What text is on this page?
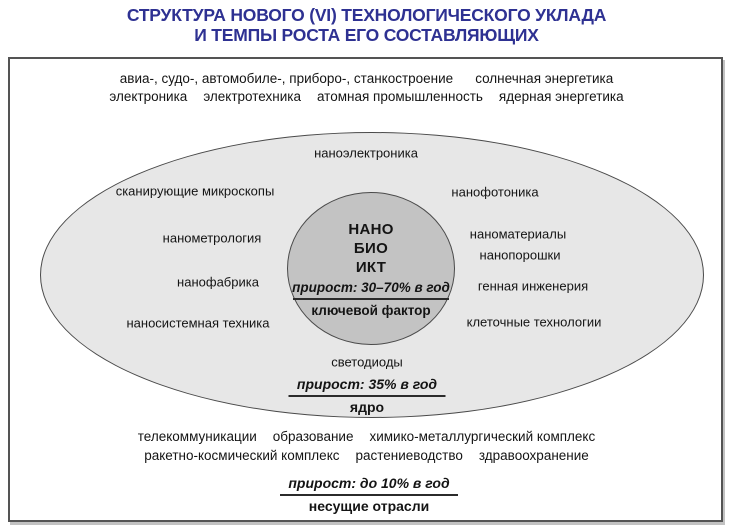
СТРУКТУРА НОВОГО (VI) ТЕХНОЛОГИЧЕСКОГО УКЛАДА
И ТЕМПЫ РОСТА ЕГО СОСТАВЛЯЮЩИХ
авиа-, судо-, автомобиле-, приборо-, станкостроение солнечная энергетика
электроника электротехника атомная промышленность ядерная энергетика
наноэлектроника
сканирующие микроскопы	нанофотоника
нанометрология	наноматериалы
нанопорошки
нанофабрика	генная инженерия
наносистемная техника	клеточные технологии
светодиоды
НАНО
БИО
ИКТ
прирост: 30–70% в год
ключевой фактор
прирост: 35% в год
ядро
телекоммуникации образование химико-металлургический комплекс
ракетно-космический комплекс растениеводство здравоохранение
прирост: до 10% в год
несущие отрасли
